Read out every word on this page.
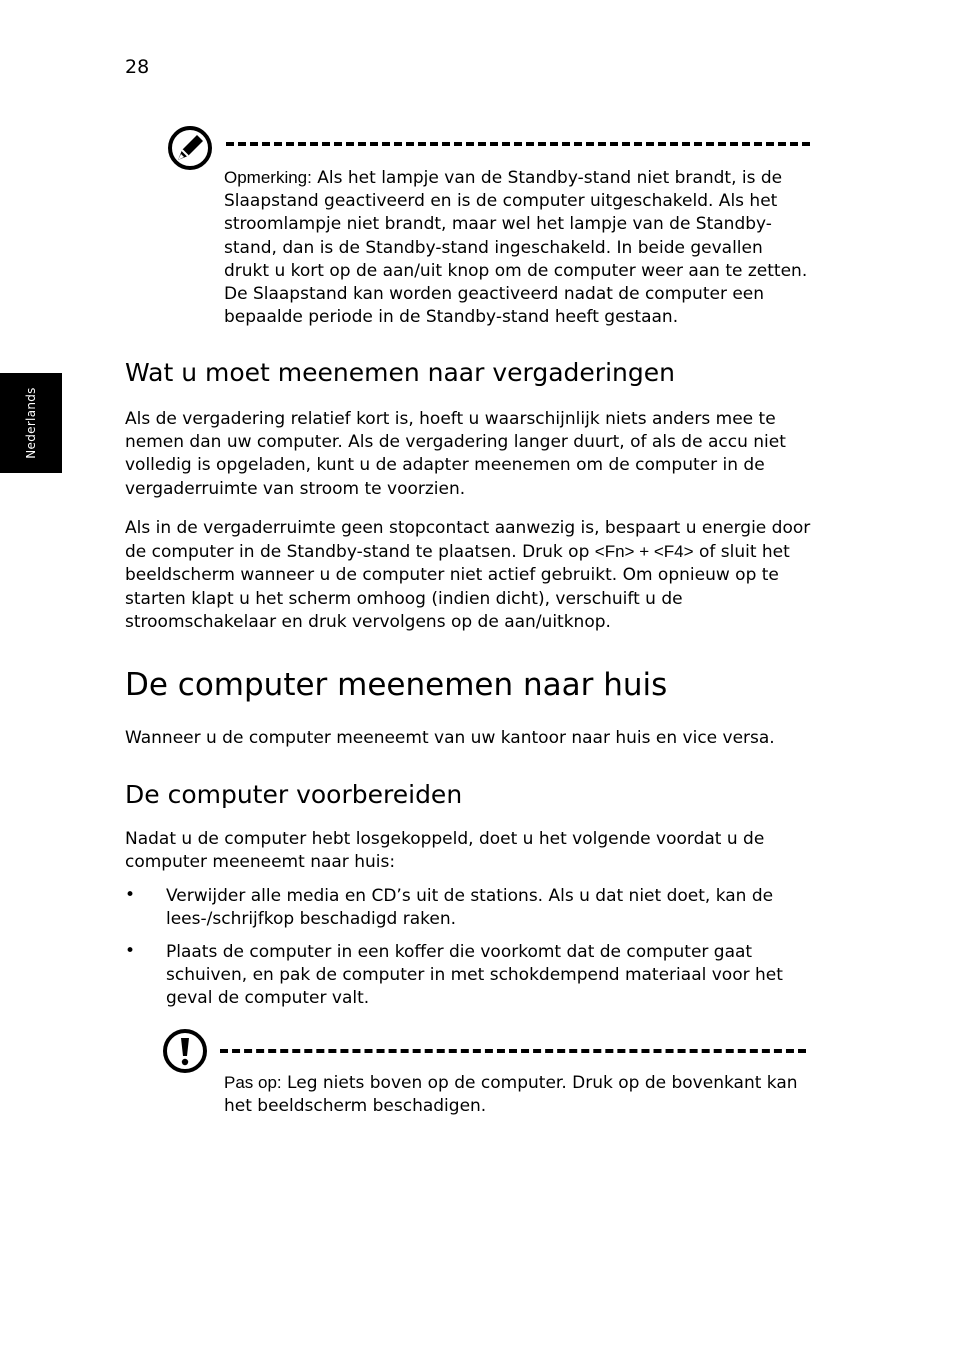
28
Nederlands
Opmerking: Als het lampje van de Standby-stand niet brandt, is de Slaapstand geactiveerd en is de computer uitgeschakeld. Als het stroomlampje niet brandt, maar wel het lampje van de Standby-stand, dan is de Standby-stand ingeschakeld. In beide gevallen drukt u kort op de aan/uit knop om de computer weer aan te zetten. De Slaapstand kan worden geactiveerd nadat de computer een bepaalde periode in de Standby-stand heeft gestaan.
Wat u moet meenemen naar vergaderingen
Als de vergadering relatief kort is, hoeft u waarschijnlijk niets anders mee te nemen dan uw computer. Als de vergadering langer duurt, of als de accu niet volledig is opgeladen, kunt u de adapter meenemen om de computer in de vergaderruimte van stroom te voorzien.
Als in de vergaderruimte geen stopcontact aanwezig is, bespaart u energie door de computer in de Standby-stand te plaatsen. Druk op <Fn> + <F4> of sluit het beeldscherm wanneer u de computer niet actief gebruikt. Om opnieuw op te starten klapt u het scherm omhoog (indien dicht), verschuift u de stroomschakelaar en druk vervolgens op de aan/uitknop.
De computer meenemen naar huis
Wanneer u de computer meeneemt van uw kantoor naar huis en vice versa.
De computer voorbereiden
Nadat u de computer hebt losgekoppeld, doet u het volgende voordat u de computer meeneemt naar huis:
• Verwijder alle media en CD’s uit de stations. Als u dat niet doet, kan de lees-/schrijfkop beschadigd raken.
• Plaats de computer in een koffer die voorkomt dat de computer gaat schuiven, en pak de computer in met schokdempend materiaal voor het geval de computer valt.
Pas op: Leg niets boven op de computer. Druk op de bovenkant kan het beeldscherm beschadigen.
